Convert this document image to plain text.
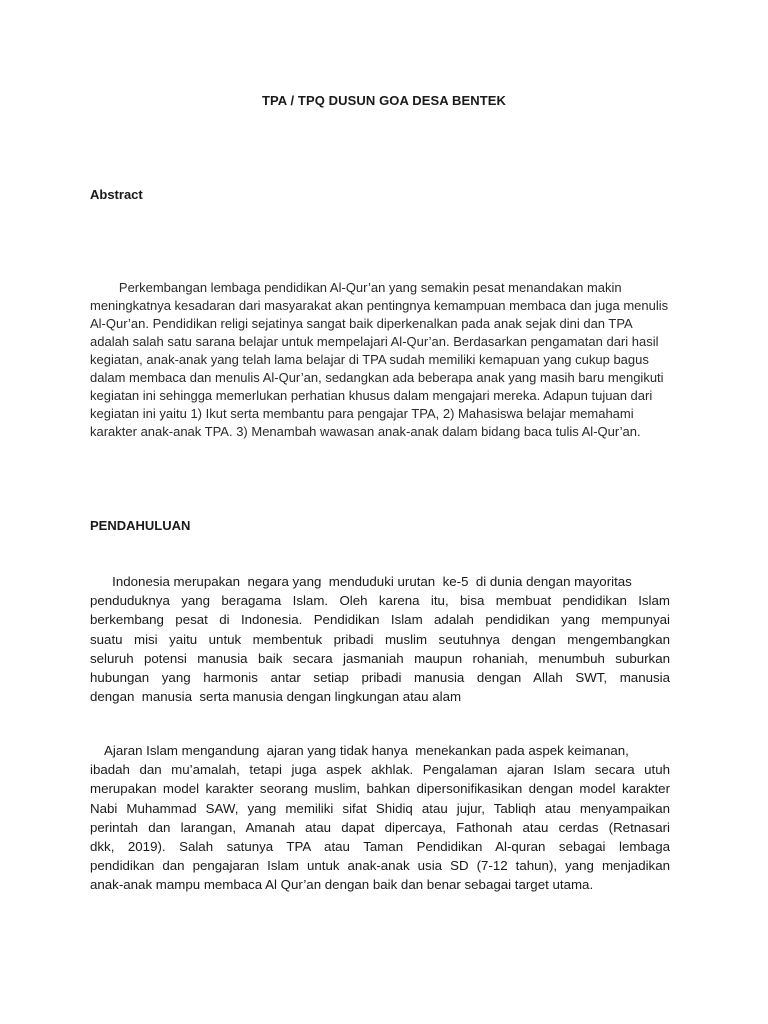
TPA / TPQ DUSUN GOA DESA BENTEK
Abstract
Perkembangan lembaga pendidikan Al-Qur’an yang semakin pesat menandakan makin
meningkatnya kesadaran dari masyarakat akan pentingnya kemampuan membaca dan juga menulis
Al-Qur’an. Pendidikan religi sejatinya sangat baik diperkenalkan pada anak sejak dini dan TPA
adalah salah satu sarana belajar untuk mempelajari Al-Qur’an. Berdasarkan pengamatan dari hasil
kegiatan, anak-anak yang telah lama belajar di TPA sudah memiliki kemapuan yang cukup bagus
dalam membaca dan menulis Al-Qur’an, sedangkan ada beberapa anak yang masih baru mengikuti
kegiatan ini sehingga memerlukan perhatian khusus dalam mengajari mereka. Adapun tujuan dari
kegiatan ini yaitu 1) Ikut serta membantu para pengajar TPA, 2) Mahasiswa belajar memahami
karakter anak-anak TPA. 3) Menambah wawasan anak-anak dalam bidang baca tulis Al-Qur’an.
PENDAHULUAN
Indonesia merupakan  negara yang  menduduki urutan  ke-5  di dunia dengan mayoritas
penduduknya yang beragama Islam. Oleh karena itu, bisa membuat pendidikan Islam
berkembang pesat di Indonesia. Pendidikan Islam adalah pendidikan yang mempunyai
suatu misi yaitu untuk membentuk pribadi muslim seutuhnya dengan mengembangkan
seluruh potensi manusia baik secara jasmaniah maupun rohaniah, menumbuh suburkan
hubungan yang harmonis antar setiap pribadi manusia dengan Allah SWT, manusia
dengan  manusia  serta manusia dengan lingkungan atau alam
Ajaran Islam mengandung  ajaran yang tidak hanya  menekankan pada aspek keimanan,
ibadah dan mu’amalah, tetapi juga aspek akhlak. Pengalaman ajaran Islam secara utuh
merupakan model karakter seorang muslim, bahkan dipersonifikasikan dengan model karakter
Nabi Muhammad SAW, yang memiliki sifat Shidiq atau jujur, Tabliqh atau menyampaikan
perintah dan larangan, Amanah atau dapat dipercaya, Fathonah atau cerdas (Retnasari
dkk, 2019). Salah satunya TPA atau Taman Pendidikan Al-quran sebagai lembaga
pendidikan dan pengajaran Islam untuk anak-anak usia SD (7-12 tahun), yang menjadikan
anak-anak mampu membaca Al Qur’an dengan baik dan benar sebagai target utama.
